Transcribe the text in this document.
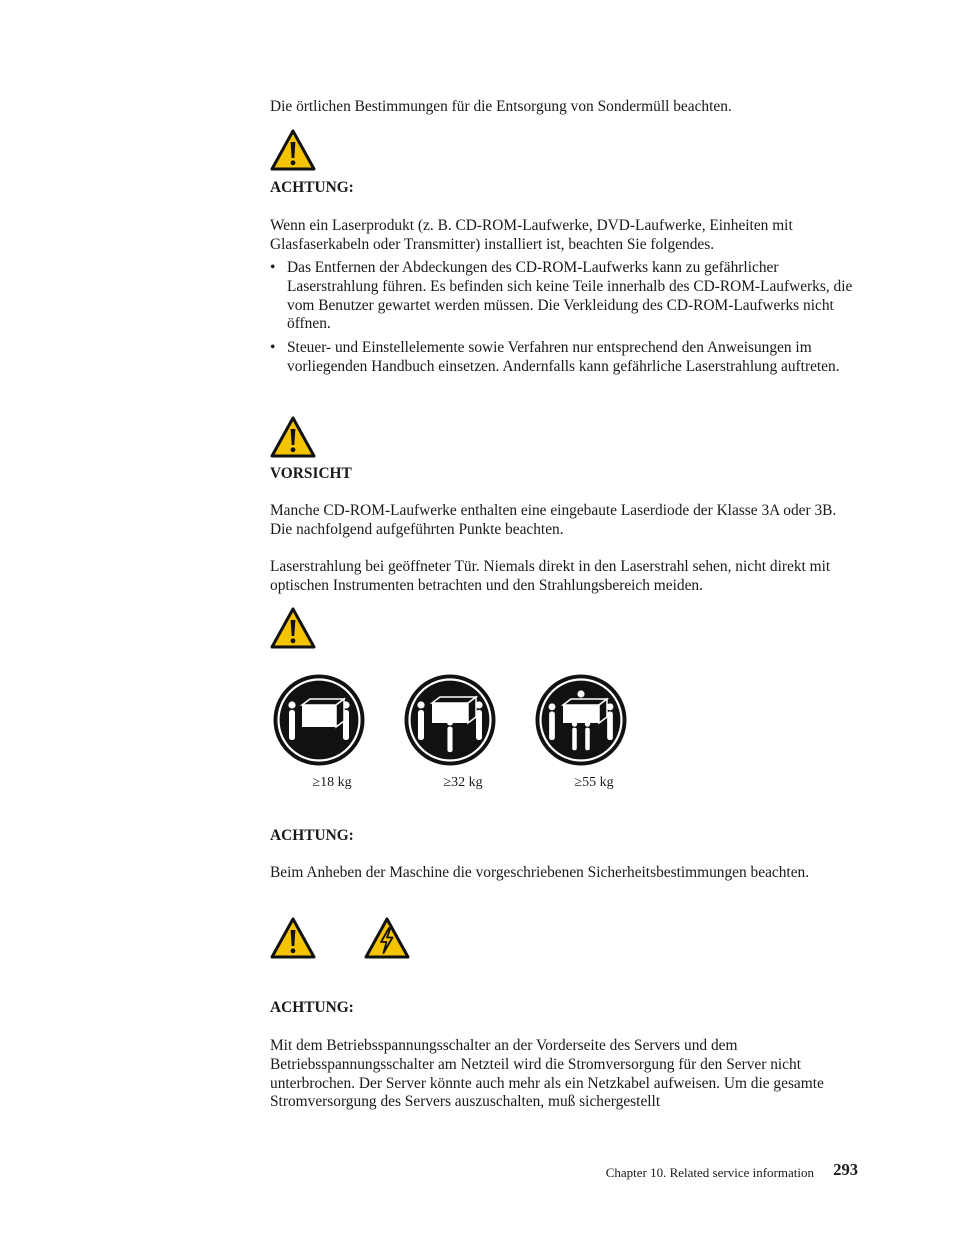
Die örtlichen Bestimmungen für die Entsorgung von Sondermüll beachten.

ACHTUNG:

Wenn ein Laserprodukt (z. B. CD-ROM-Laufwerke, DVD-Laufwerke, Einheiten mit Glasfaserkabeln oder Transmitter) installiert ist, beachten Sie folgendes.

• Das Entfernen der Abdeckungen des CD-ROM-Laufwerks kann zu gefährlicher Laserstrahlung führen. Es befinden sich keine Teile innerhalb des CD-ROM-Laufwerks, die vom Benutzer gewartet werden müssen. Die Verkleidung des CD-ROM-Laufwerks nicht öffnen.
• Steuer- und Einstellelemente sowie Verfahren nur entsprechend den Anweisungen im vorliegenden Handbuch einsetzen. Andernfalls kann gefährliche Laserstrahlung auftreten.

VORSICHT

Manche CD-ROM-Laufwerke enthalten eine eingebaute Laserdiode der Klasse 3A oder 3B. Die nachfolgend aufgeführten Punkte beachten.

Laserstrahlung bei geöffneter Tür. Niemals direkt in den Laserstrahl sehen, nicht direkt mit optischen Instrumenten betrachten und den Strahlungsbereich meiden.

≥18 kg	≥32 kg	≥55 kg

ACHTUNG:

Beim Anheben der Maschine die vorgeschriebenen Sicherheitsbestimmungen beachten.

ACHTUNG:

Mit dem Betriebsspannungsschalter an der Vorderseite des Servers und dem Betriebsspannungsschalter am Netzteil wird die Stromversorgung für den Server nicht unterbrochen. Der Server könnte auch mehr als ein Netzkabel aufweisen. Um die gesamte Stromversorgung des Servers auszuschalten, muß sichergestellt

Chapter 10. Related service information 293
